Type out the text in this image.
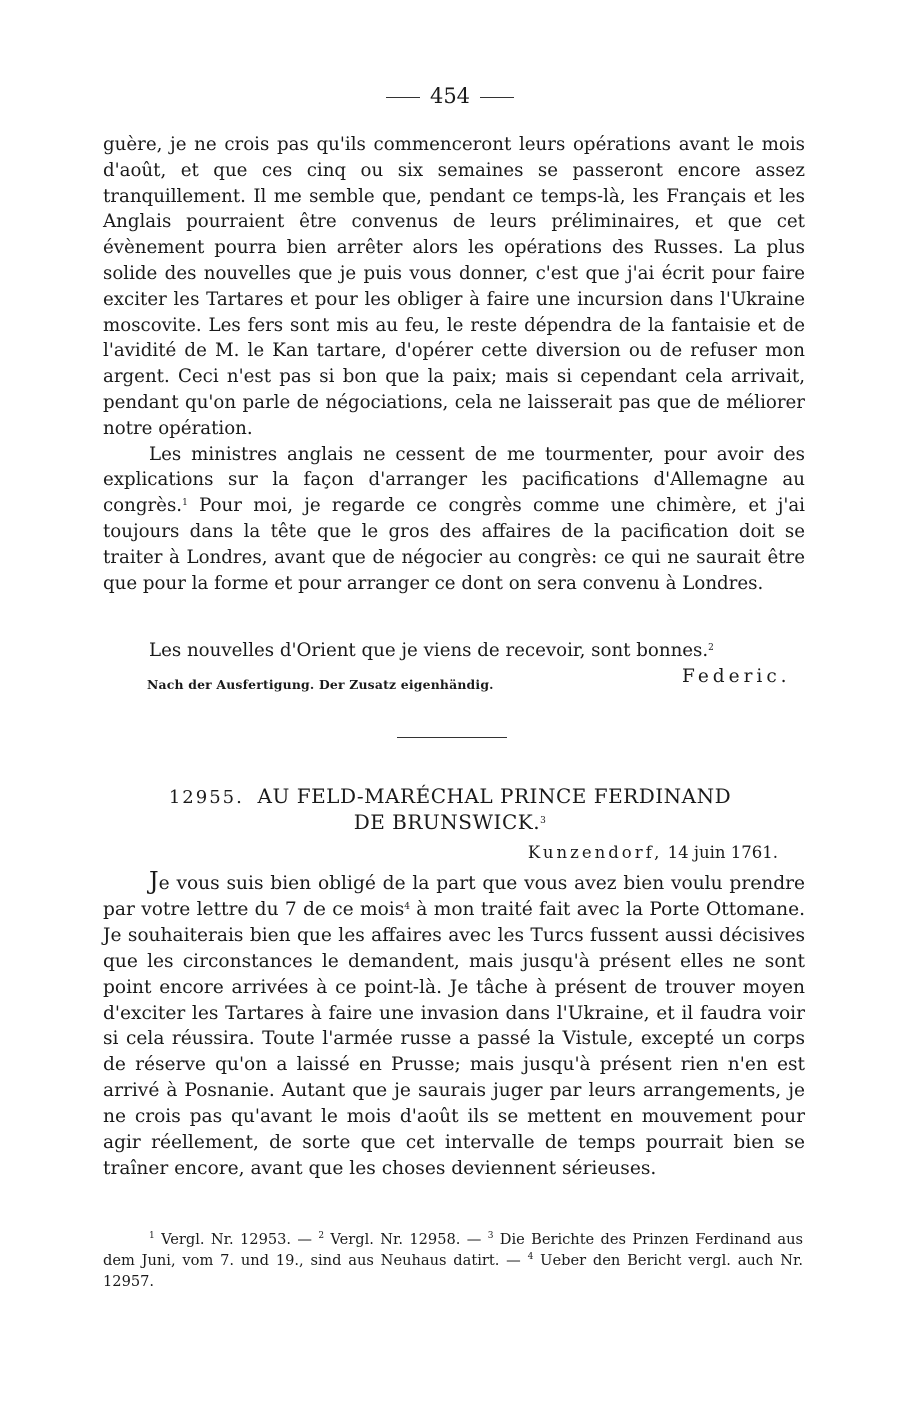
454

guère, je ne crois pas qu'ils commenceront leurs opérations avant le mois d'août, et que ces cinq ou six semaines se passeront encore assez tranquillement. Il me semble que, pendant ce temps-là, les Français et les Anglais pourraient être convenus de leurs préliminaires, et que cet évènement pourra bien arrêter alors les opérations des Russes. La plus solide des nouvelles que je puis vous donner, c'est que j'ai écrit pour faire exciter les Tartares et pour les obliger à faire une incursion dans l'Ukraine moscovite. Les fers sont mis au feu, le reste dépendra de la fantaisie et de l'avidité de M. le Kan tartare, d'opérer cette diversion ou de refuser mon argent. Ceci n'est pas si bon que la paix; mais si cependant cela arrivait, pendant qu'on parle de négociations, cela ne laisserait pas que de méliorer notre opération.

Les ministres anglais ne cessent de me tourmenter, pour avoir des explications sur la façon d'arranger les pacifications d'Allemagne au congrès.$^1$ Pour moi, je regarde ce congrès comme une chimère, et j'ai toujours dans la tête que le gros des affaires de la pacification doit se traiter à Londres, avant que de négocier au congrès: ce qui ne saurait être que pour la forme et pour arranger ce dont on sera convenu à Londres.

Les nouvelles d'Orient que je viens de recevoir, sont bonnes.$^2$
Nach der Ausfertigung. Der Zusatz eigenhändig.	Federic.
12955. AU FELD-MARÉCHAL PRINCE FERDINAND
DE BRUNSWICK.$^3$
Kunzendorf, 14 juin 1761.

Je vous suis bien obligé de la part que vous avez bien voulu prendre par votre lettre du 7 de ce mois$^4$ à mon traité fait avec la Porte Ottomane. Je souhaiterais bien que les affaires avec les Turcs fussent aussi décisives que les circonstances le demandent, mais jusqu'à présent elles ne sont point encore arrivées à ce point-là. Je tâche à présent de trouver moyen d'exciter les Tartares à faire une invasion dans l'Ukraine, et il faudra voir si cela réussira. Toute l'armée russe a passé la Vistule, excepté un corps de réserve qu'on a laissé en Prusse; mais jusqu'à présent rien n'en est arrivé à Posnanie. Autant que je saurais juger par leurs arrangements, je ne crois pas qu'avant le mois d'août ils se mettent en mouvement pour agir réellement, de sorte que cet intervalle de temps pourrait bien se traîner encore, avant que les choses deviennent sérieuses.

$^1$ Vergl. Nr. 12953. — $^2$ Vergl. Nr. 12958. — $^3$ Die Berichte des Prinzen Ferdinand aus dem Juni, vom 7. und 19., sind aus Neuhaus datirt. — $^4$ Ueber den Bericht vergl. auch Nr. 12957.
